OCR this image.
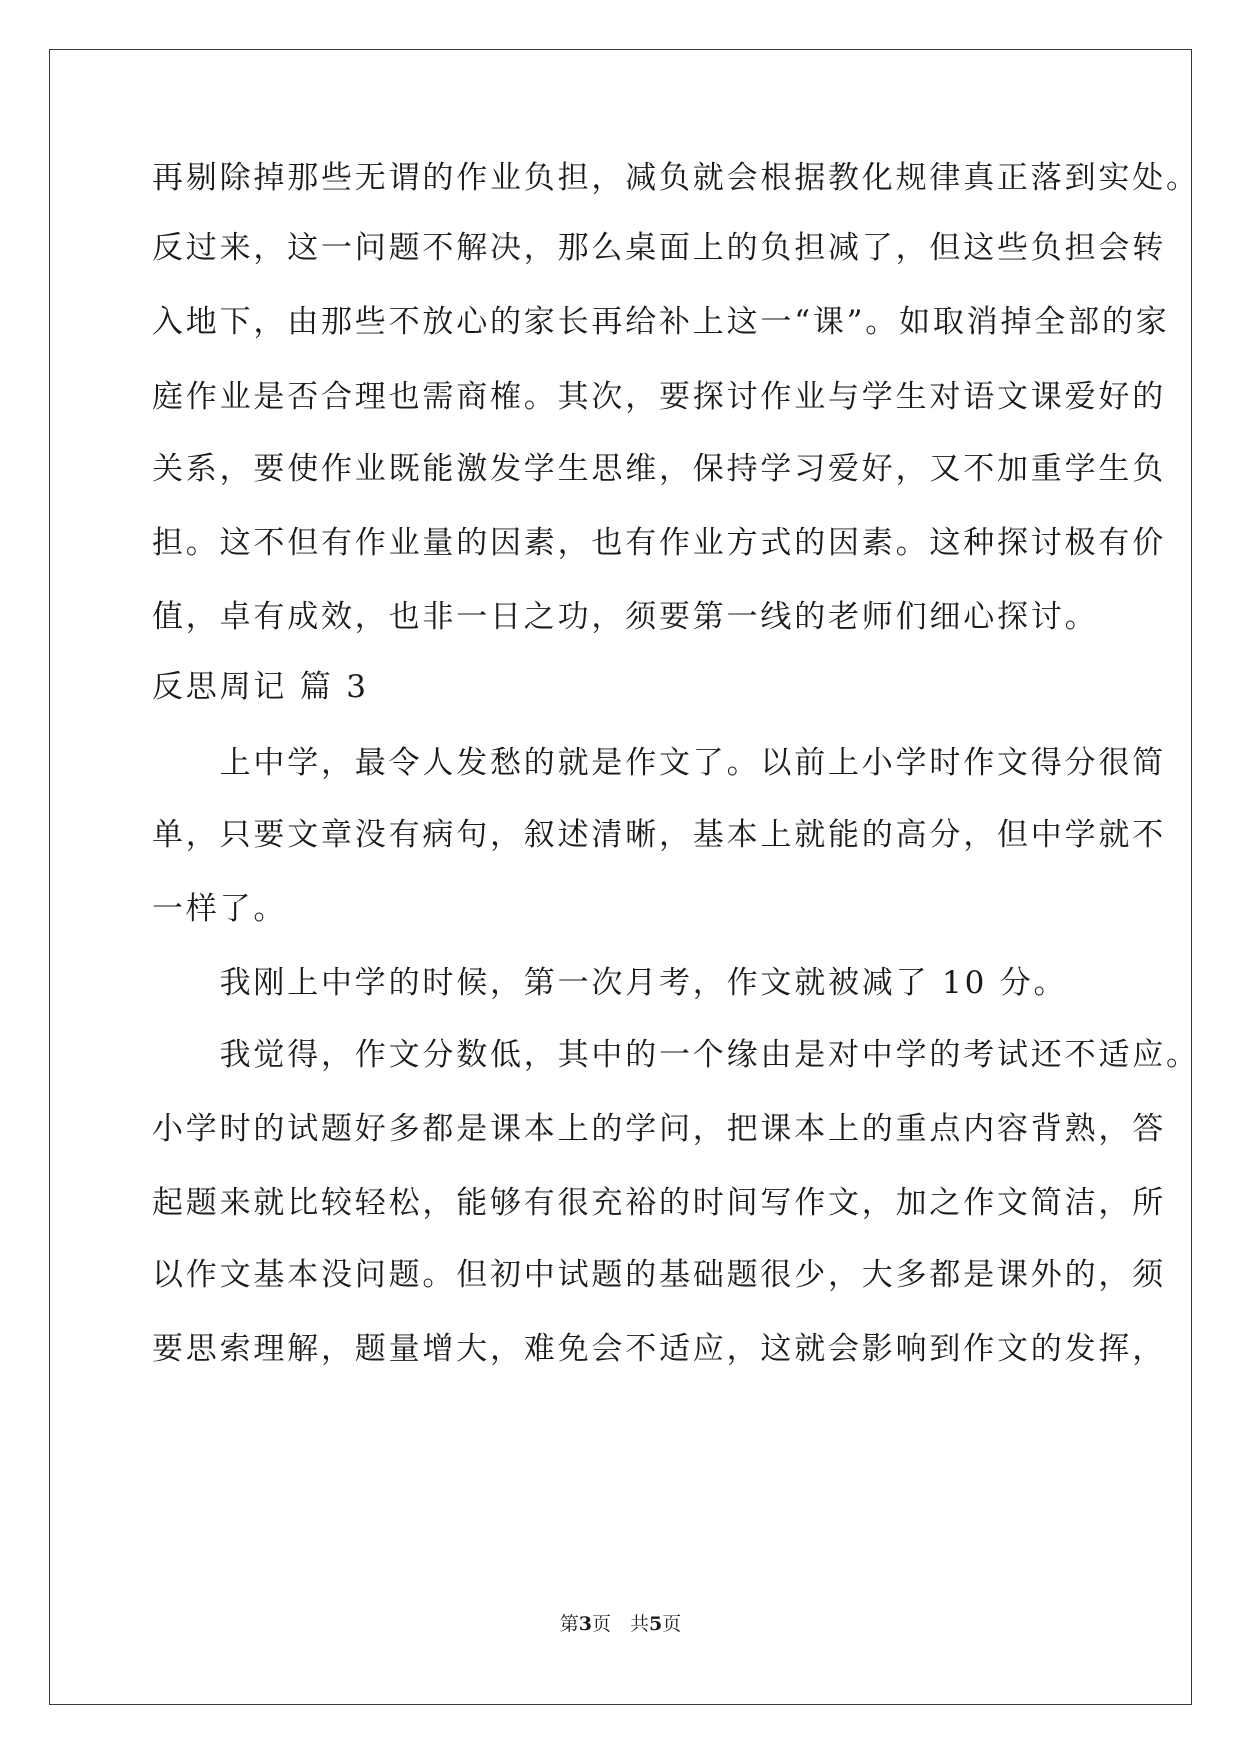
再剔除掉那些无谓的作业负担，减负就会根据教化规律真正落到实处。
反过来，这一问题不解决，那么桌面上的负担减了，但这些负担会转
入地下，由那些不放心的家长再给补上这一“课”。如取消掉全部的家
庭作业是否合理也需商榷。其次，要探讨作业与学生对语文课爱好的
关系，要使作业既能激发学生思维，保持学习爱好，又不加重学生负
担。这不但有作业量的因素，也有作业方式的因素。这种探讨极有价
值，卓有成效，也非一日之功，须要第一线的老师们细心探讨。
反思周记 篇 3
　　上中学，最令人发愁的就是作文了。以前上小学时作文得分很简
单，只要文章没有病句，叙述清晰，基本上就能的高分，但中学就不
一样了。
　　我刚上中学的时候，第一次月考，作文就被减了 10 分。
　　我觉得，作文分数低，其中的一个缘由是对中学的考试还不适应。
小学时的试题好多都是课本上的学问，把课本上的重点内容背熟，答
起题来就比较轻松，能够有很充裕的时间写作文，加之作文简洁，所
以作文基本没问题。但初中试题的基础题很少，大多都是课外的，须
要思索理解，题量增大，难免会不适应，这就会影响到作文的发挥，
第3页　共5页
